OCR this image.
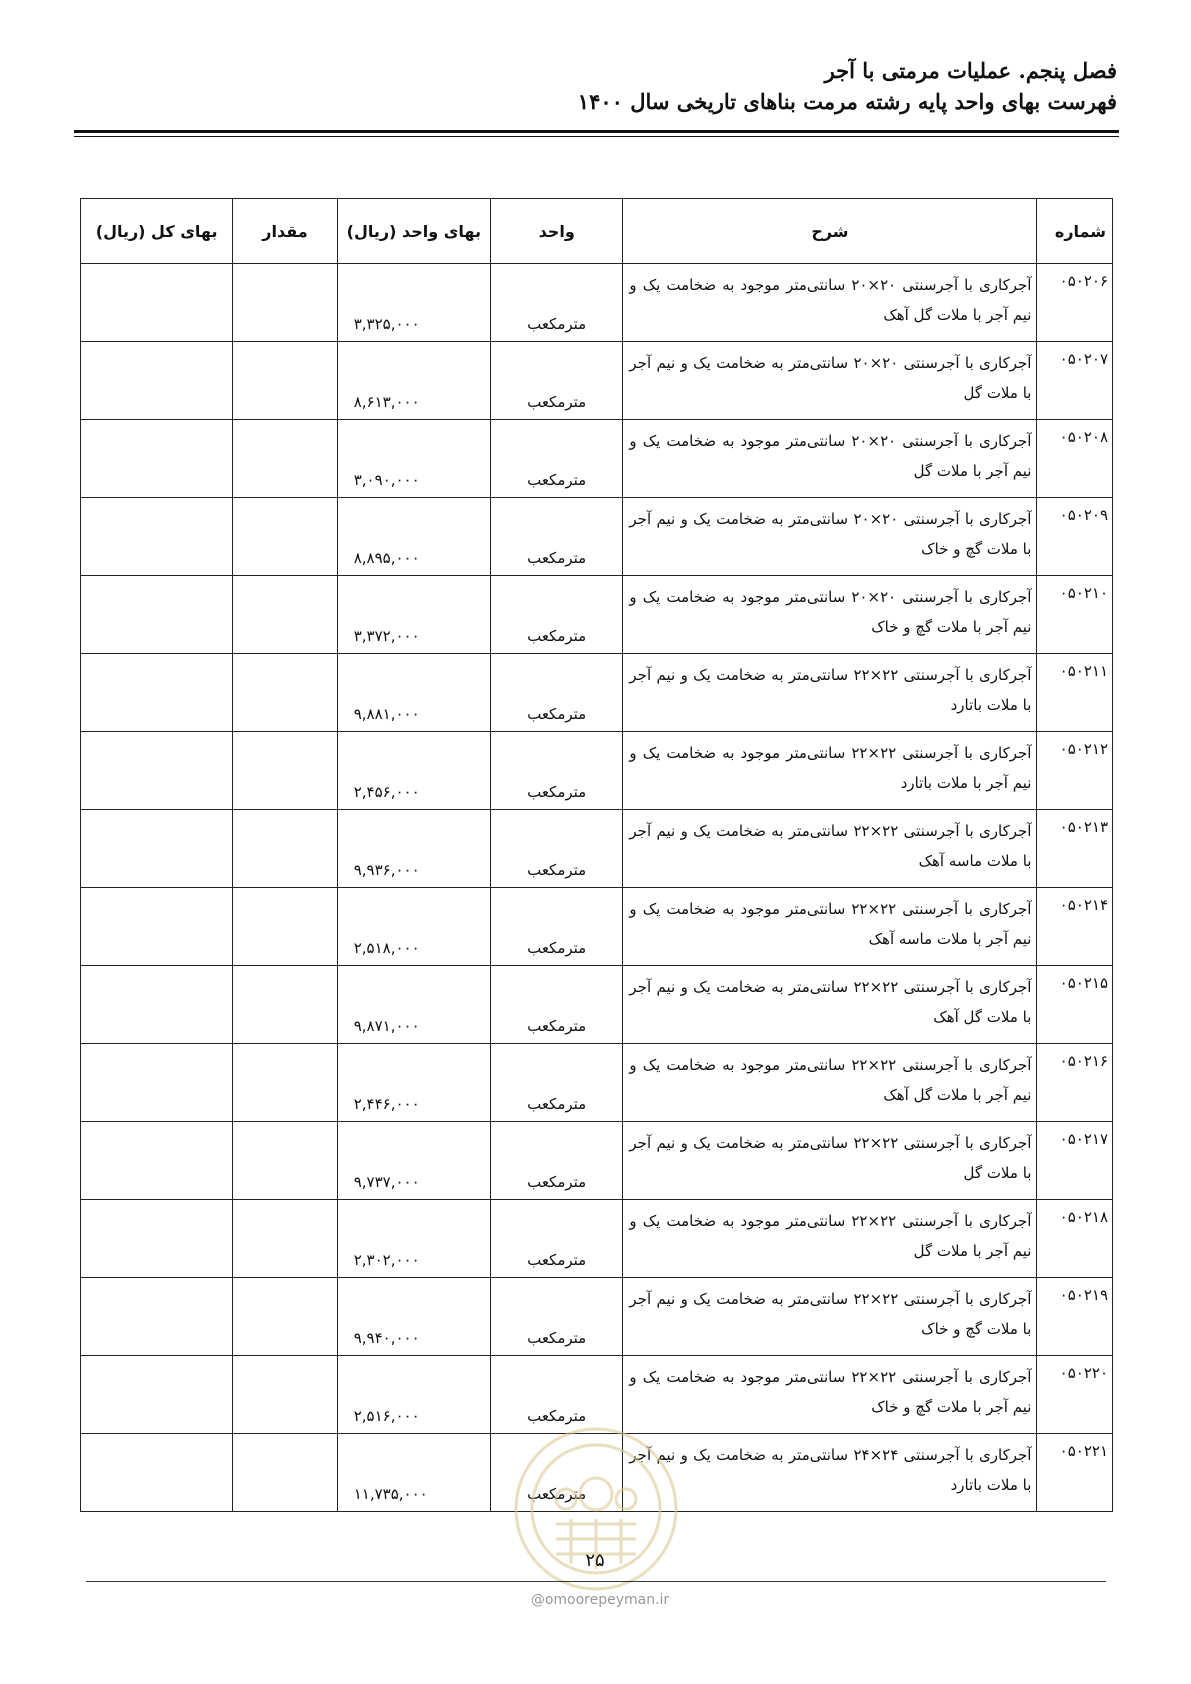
فصل پنجم. عملیات مرمتی با آجر
فهرست بهای واحد پایه رشته مرمت بناهای تاریخی سال ۱۴۰۰
شماره	شرح	واحد	بهای واحد (ریال)	مقدار	بهای کل (ریال)
۰۵۰۲۰۶	آجرکاری با آجرسنتی ۲۰×۲۰ سانتی‌متر موجود به ضخامت یک و نیم آجر با ملات گل آهک	مترمکعب	۳,۳۲۵,۰۰۰		
۰۵۰۲۰۷	آجرکاری با آجرسنتی ۲۰×۲۰ سانتی‌متر به ضخامت یک و نیم آجر با ملات گل	مترمکعب	۸,۶۱۳,۰۰۰		
۰۵۰۲۰۸	آجرکاری با آجرسنتی ۲۰×۲۰ سانتی‌متر موجود به ضخامت یک و نیم آجر با ملات گل	مترمکعب	۳,۰۹۰,۰۰۰		
۰۵۰۲۰۹	آجرکاری با آجرسنتی ۲۰×۲۰ سانتی‌متر به ضخامت یک و نیم آجر با ملات گچ و خاک	مترمکعب	۸,۸۹۵,۰۰۰		
۰۵۰۲۱۰	آجرکاری با آجرسنتی ۲۰×۲۰ سانتی‌متر موجود به ضخامت یک و نیم آجر با ملات گچ و خاک	مترمکعب	۳,۳۷۲,۰۰۰		
۰۵۰۲۱۱	آجرکاری با آجرسنتی ۲۲×۲۲ سانتی‌متر به ضخامت یک و نیم آجر با ملات باتارد	مترمکعب	۹,۸۸۱,۰۰۰		
۰۵۰۲۱۲	آجرکاری با آجرسنتی ۲۲×۲۲ سانتی‌متر موجود به ضخامت یک و نیم آجر با ملات باتارد	مترمکعب	۲,۴۵۶,۰۰۰		
۰۵۰۲۱۳	آجرکاری با آجرسنتی ۲۲×۲۲ سانتی‌متر به ضخامت یک و نیم آجر با ملات ماسه آهک	مترمکعب	۹,۹۳۶,۰۰۰		
۰۵۰۲۱۴	آجرکاری با آجرسنتی ۲۲×۲۲ سانتی‌متر موجود به ضخامت یک و نیم آجر با ملات ماسه آهک	مترمکعب	۲,۵۱۸,۰۰۰		
۰۵۰۲۱۵	آجرکاری با آجرسنتی ۲۲×۲۲ سانتی‌متر به ضخامت یک و نیم آجر با ملات گل آهک	مترمکعب	۹,۸۷۱,۰۰۰		
۰۵۰۲۱۶	آجرکاری با آجرسنتی ۲۲×۲۲ سانتی‌متر موجود به ضخامت یک و نیم آجر با ملات گل آهک	مترمکعب	۲,۴۴۶,۰۰۰		
۰۵۰۲۱۷	آجرکاری با آجرسنتی ۲۲×۲۲ سانتی‌متر به ضخامت یک و نیم آجر با ملات گل	مترمکعب	۹,۷۳۷,۰۰۰		
۰۵۰۲۱۸	آجرکاری با آجرسنتی ۲۲×۲۲ سانتی‌متر موجود به ضخامت یک و نیم آجر با ملات گل	مترمکعب	۲,۳۰۲,۰۰۰		
۰۵۰۲۱۹	آجرکاری با آجرسنتی ۲۲×۲۲ سانتی‌متر به ضخامت یک و نیم آجر با ملات گچ و خاک	مترمکعب	۹,۹۴۰,۰۰۰		
۰۵۰۲۲۰	آجرکاری با آجرسنتی ۲۲×۲۲ سانتی‌متر موجود به ضخامت یک و نیم آجر با ملات گچ و خاک	مترمکعب	۲,۵۱۶,۰۰۰		
۰۵۰۲۲۱	آجرکاری با آجرسنتی ۲۴×۲۴ سانتی‌متر به ضخامت یک و نیم آجر با ملات باتارد	مترمکعب	۱۱,۷۳۵,۰۰۰		
۲۵
@omoorepeyman.ir
